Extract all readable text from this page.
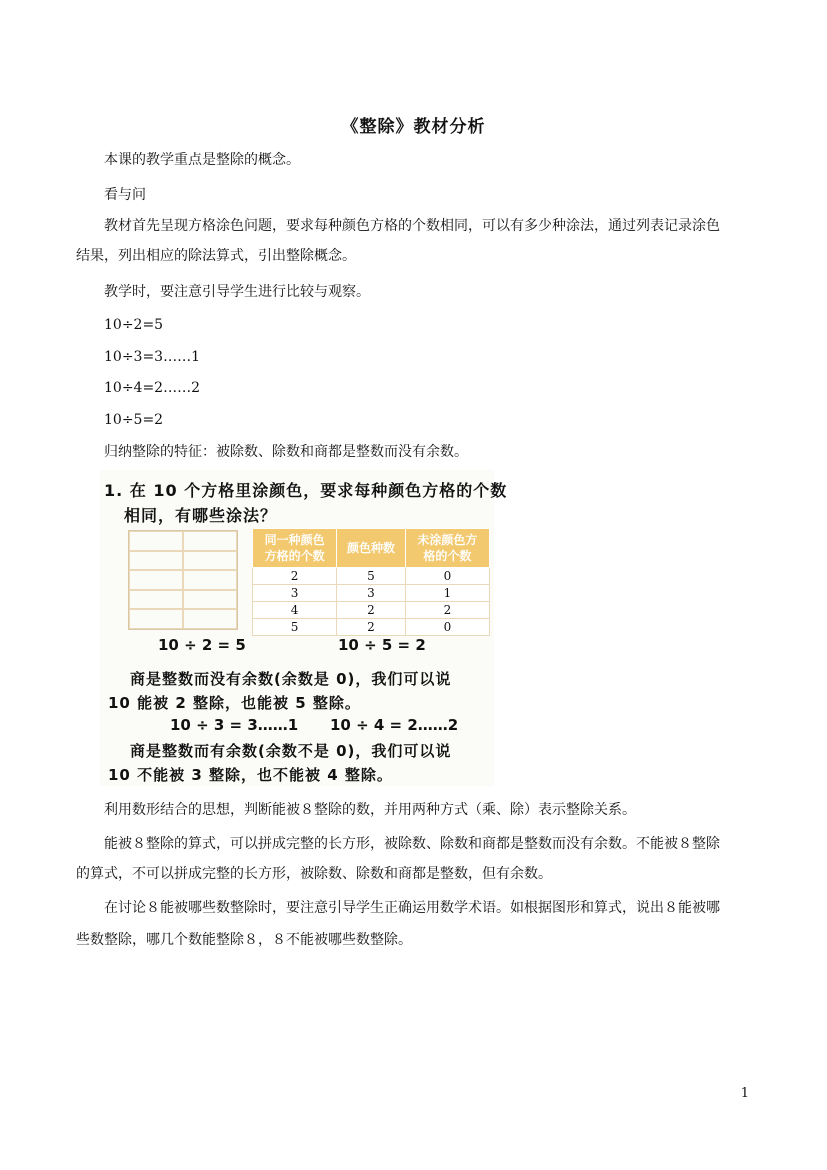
《整除》教材分析
本课的教学重点是整除的概念。
看与问
教材首先呈现方格涂色问题，要求每种颜色方格的个数相同，可以有多少种涂法，通过列表记录涂色
结果，列出相应的除法算式，引出整除概念。
教学时，要注意引导学生进行比较与观察。
10÷2=5
10÷3=3……1
10÷4=2……2
10÷5=2
归纳整除的特征：被除数、除数和商都是整数而没有余数。
1. 在 10 个方格里涂颜色，要求每种颜色方格的个数
相同，有哪些涂法？
同一种颜色
方格的个数	颜色种数	未涂颜色方
格的个数
2	5	0
3	3	1
4	2	2
5	2	0
10 ÷ 2 = 5	10 ÷ 5 = 2
商是整数而没有余数(余数是 0)，我们可以说
10 能被 2 整除，也能被 5 整除。
10 ÷ 3 = 3……1 10 ÷ 4 = 2……2
商是整数而有余数(余数不是 0)，我们可以说
10 不能被 3 整除，也不能被 4 整除。
利用数形结合的思想，判断能被８整除的数，并用两种方式（乘、除）表示整除关系。
能被８整除的算式，可以拼成完整的长方形，被除数、除数和商都是整数而没有余数。不能被８整除
的算式，不可以拼成完整的长方形，被除数、除数和商都是整数，但有余数。
在讨论８能被哪些数整除时，要注意引导学生正确运用数学术语。如根据图形和算式，说出８能被哪
些数整除，哪几个数能整除８，８不能被哪些数整除。
1
